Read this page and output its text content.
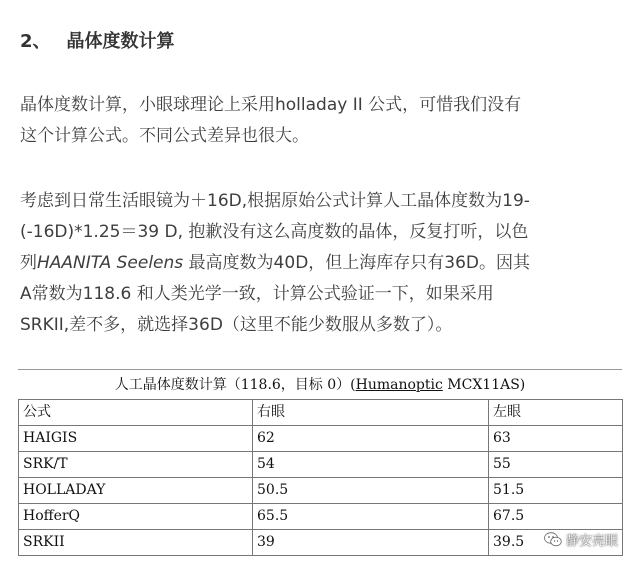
2、 晶体度数计算
晶体度数计算，小眼球理论上采用holladay II 公式，可惜我们没有
这个计算公式。不同公式差异也很大。
考虑到日常生活眼镜为＋16D,根据原始公式计算人工晶体度数为19-
(-16D)*1.25＝39 D, 抱歉没有这么高度数的晶体，反复打听，以色
列HAANITA Seelens 最高度数为40D，但上海库存只有36D。因其
A常数为118.6 和人类光学一致，计算公式验证一下，如果采用
SRKII,差不多，就选择36D（这里不能少数服从多数了）。
人工晶体度数计算（118.6，目标 0）(Humanoptic MCX11AS)
公式	右眼	左眼
HAIGIS	62	63
SRK/T	54	55
HOLLADAY	50.5	51.5
HofferQ	65.5	67.5
SRKII	39	39.5	静安亮眼
